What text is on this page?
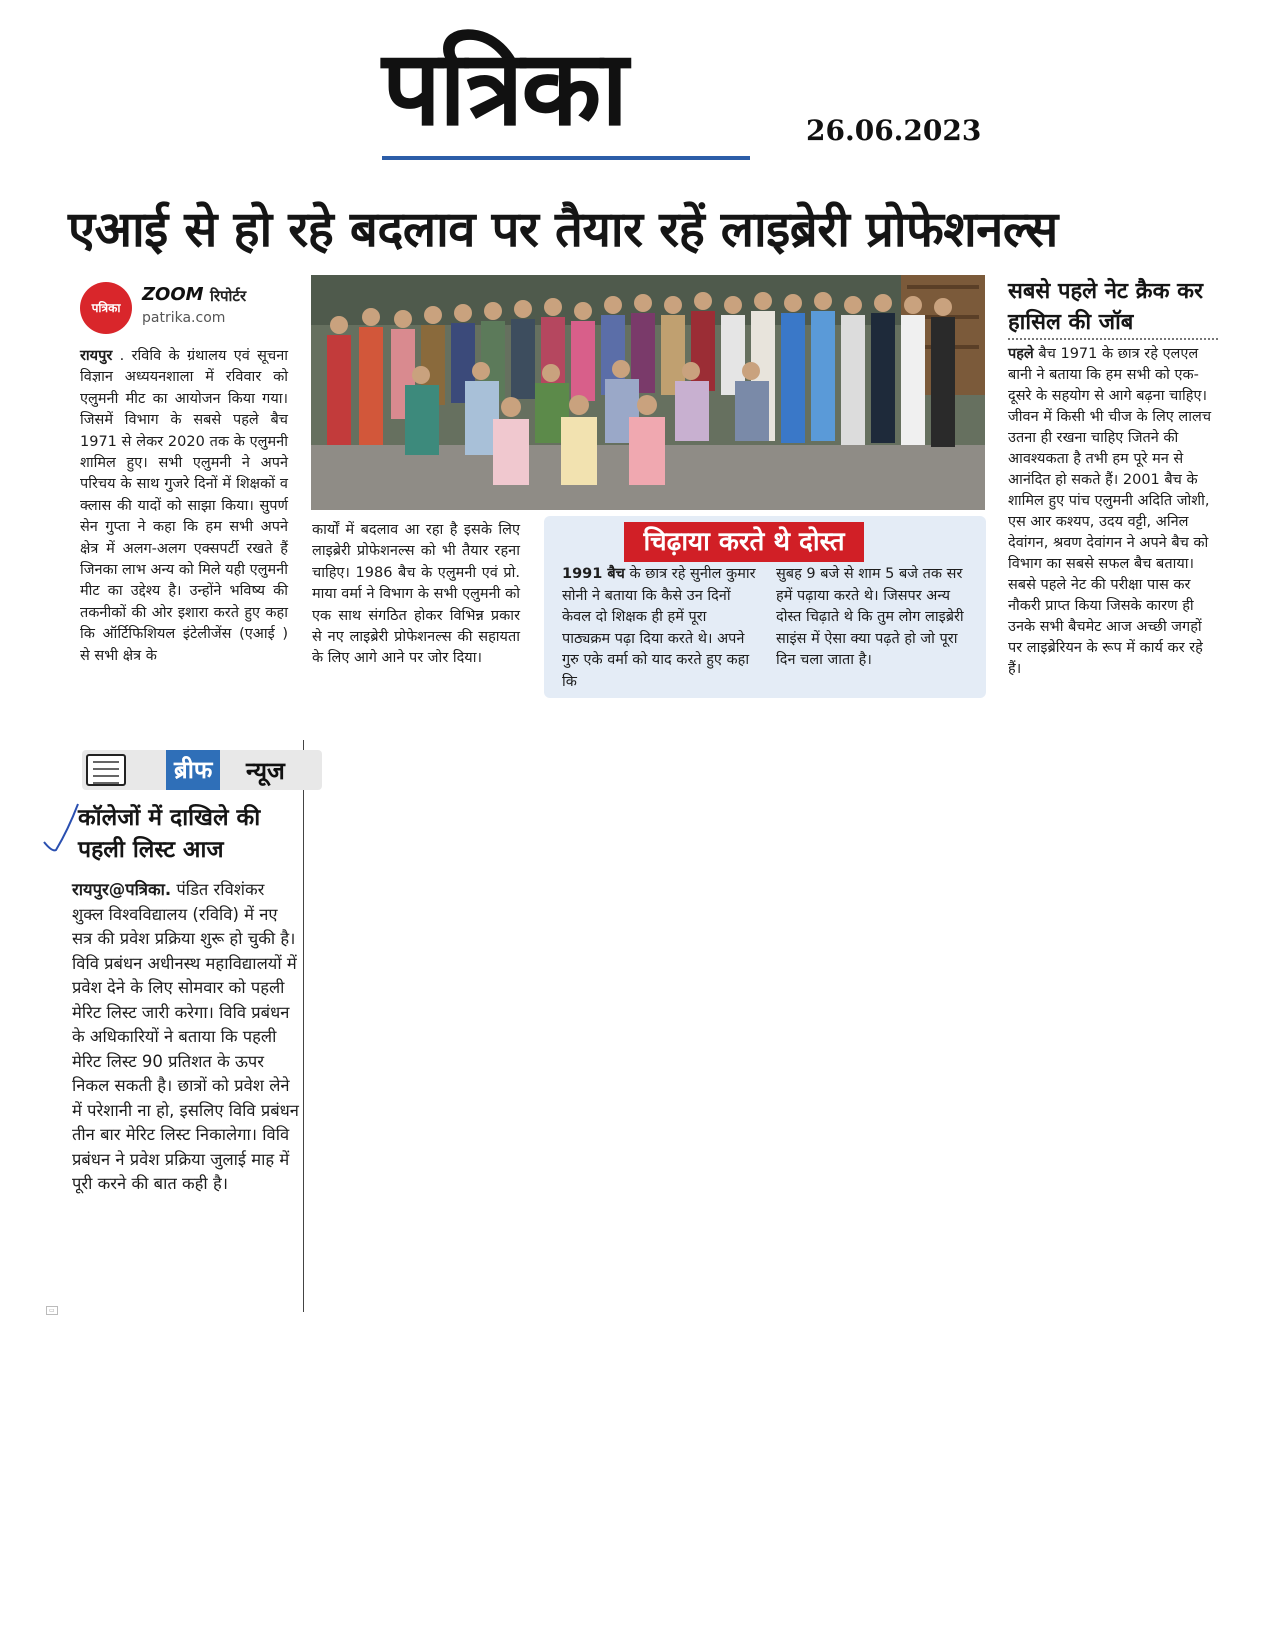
पत्रिका	26.06.2023
एआई से हो रहे बदलाव पर तैयार रहें लाइब्रेरी प्रोफेशनल्स
पत्रिका
ZOOM रिपोर्टर
patrika.com
रायपुर . रविवि के ग्रंथालय एवं सूचना विज्ञान अध्ययनशाला में रविवार को एलुमनी मीट का आयोजन किया गया। जिसमें विभाग के सबसे पहले बैच 1971 से लेकर 2020 तक के एलुमनी शामिल हुए। सभी एलुमनी ने अपने परिचय के साथ गुजरे दिनों में शिक्षकों व क्लास की यादों को साझा किया। सुपर्ण सेन गुप्ता ने कहा कि हम सभी अपने क्षेत्र में अलग-अलग एक्सपर्टी रखते हैं जिनका लाभ अन्य को मिले यही एलुमनी मीट का उद्देश्य है। उन्होंने भविष्य की तकनीकों की ओर इशारा करते हुए कहा कि ऑर्टिफिशियल इंटेलीजेंस (एआई ) से सभी क्षेत्र के
कार्यों में बदलाव आ रहा है इसके लिए लाइब्रेरी प्रोफेशनल्स को भी तैयार रहना चाहिए। 1986 बैच के एलुमनी एवं प्रो. माया वर्मा ने विभाग के सभी एलुमनी को एक साथ संगठित होकर विभिन्न प्रकार से नए लाइब्रेरी प्रोफेशनल्स की सहायता के लिए आगे आने पर जोर दिया।
सबसे पहले नेट क्रैक कर हासिल की जॉब
पहले बैच 1971 के छात्र रहे एलएल बानी ने बताया कि हम सभी को एक-दूसरे के सहयोग से आगे बढ़ना चाहिए। जीवन में किसी भी चीज के लिए लालच उतना ही रखना चाहिए जितने की आवश्यकता है तभी हम पूरे मन से आनंदित हो सकते हैं। 2001 बैच के शामिल हुए पांच एलुमनी अदिति जोशी, एस आर कश्यप, उदय वट्टी, अनिल देवांगन, श्रवण देवांगन ने अपने बैच को विभाग का सबसे सफल बैच बताया। सबसे पहले नेट की परीक्षा पास कर नौकरी प्राप्त किया जिसके कारण ही उनके सभी बैचमेट आज अच्छी जगहों पर लाइब्रेरियन के रूप में कार्य कर रहे हैं।
चिढ़ाया करते थे दोस्त
1991 बैच के छात्र रहे सुनील कुमार सोनी ने बताया कि कैसे उन दिनों केवल दो शिक्षक ही हमें पूरा पाठ्यक्रम पढ़ा दिया करते थे। अपने गुरु एके वर्मा को याद करते हुए कहा कि
सुबह 9 बजे से शाम 5 बजे तक सर हमें पढ़ाया करते थे। जिसपर अन्य दोस्त चिढ़ाते थे कि तुम लोग लाइब्रेरी साइंस में ऐसा क्या पढ़ते हो जो पूरा दिन चला जाता है।
ब्रीफ	न्यूज
कॉलेजों में दाखिले की पहली लिस्ट आज
रायपुर@पत्रिका. पंडित रविशंकर शुक्ल विश्वविद्यालय (रविवि) में नए सत्र की प्रवेश प्रक्रिया शुरू हो चुकी है। विवि प्रबंधन अधीनस्थ महाविद्यालयों में प्रवेश देने के लिए सोमवार को पहली मेरिट लिस्ट जारी करेगा। विवि प्रबंधन के अधिकारियों ने बताया कि पहली मेरिट लिस्ट 90 प्रतिशत के ऊपर निकल सकती है। छात्रों को प्रवेश लेने में परेशानी ना हो, इसलिए विवि प्रबंधन तीन बार मेरिट लिस्ट निकालेगा। विवि प्रबंधन ने प्रवेश प्रक्रिया जुलाई माह में पूरी करने की बात कही है।
▭
